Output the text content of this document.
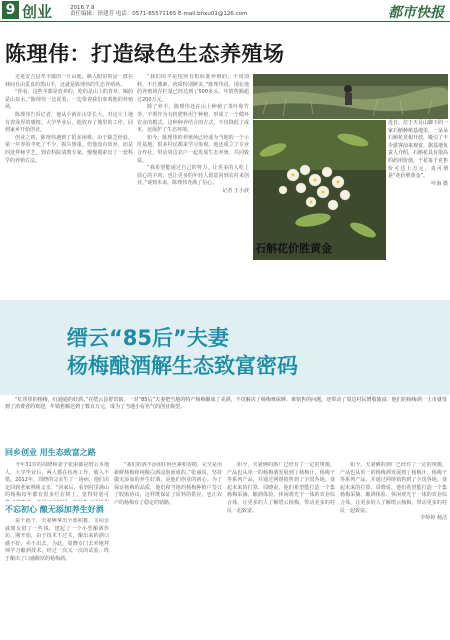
9 创业	2016.7.9
责任编辑：徐建芳 电话：0571-85571165 E-mail:bhxu01@126.com	都市快报
陈理伟：打造绿色生态养殖场

走进安吉县孝丰镇的一片山地，映入眼帘的是一群在林间自由觅食的黑山羊，这就是陈理伟的生态养殖场。

“你看，这些羊都是放养的，吃的是山上的青草，喝的是山泉水。”陈理伟一边说着，一边带着我们参观他的养殖场。

陈理伟告诉记者，他从小就在山里长大，对这片土地有着深厚的感情。大学毕业后，他放弃了城里的工作，回到家乡开始创业。

创业之初，陈理伟遇到了很多困难。由于缺乏经验，第一年养的羊死了不少，损失惨重。但他没有放弃，而是四处拜师学艺，到农科院请教专家，慢慢摸索出了一套科学的养殖方法。

“我们的羊是按照有机标准养殖的，不用饲料，不打激素，肉质特别鲜美。”陈理伟说，现在他的养殖场存栏量已经达到了500多头，年销售额超过200万元。

除了养羊，陈理伟还在山上种植了茶叶和竹笋，羊粪作为有机肥料用于种植，形成了一个循环农业的模式。这种种养结合的方式，不仅降低了成本，还保护了生态环境。

如今，陈理伟的养殖场已经成为当地的一个示范基地，很多村民都来学习参观。他还成立了专业合作社，带动周边农户一起发展生态养殖，共同致富。

“我希望能通过自己的努力，让更多的人吃上放心的羊肉，也让更多的年轻人愿意回到农村来创业。”谈到未来，陈理伟充满了信心。

记者 王小波

石斛花价胜黄金
近日，位于天目山脚下的一家石斛种植基地里，一朵朵石斛花竞相开放，吸引了不少游客前来观赏。据基地负责人介绍，石斛花具有很高的药用价值，干花每千克售价可达上万元，真可谓是“花价胜黄金”。
叶海 摄
缙云“85后”夫妻
杨梅酿酒解生态致富密码
“红彤彤的杨梅，红通通的好酒。”在缙云县舒洪镇，一对“85后”夫妻把当地的特产杨梅酿成了美酒，不仅解决了杨梅难保鲜、难销售的问题，还带动了周边村民增收致富。他们的杨梅酒一上市就受到了消费者的欢迎，年销售额达到了数百万元，成为了当地小有名气的创业典型。
回乡创业 用生态致富之路
不忘初心 酿无添加养生好酒

今年31岁的周晓和妻子张丽都是缙云本地人。大学毕业后，两人都在杭州工作，收入不错。2012年，周晓的父亲生了一场病，他们决定回到老家照顾父亲。“回家后，看到村里满山的杨梅每年都有很多烂在树上，觉得特别可

说干就干，夫妻俩拿出全部积蓄，又向亲戚朋友借了一些钱，建起了一个小型酿酒作坊。刚开始，由于技术不过关，酿出来的酒口感不好，卖不出去。为此，周晓专门去外地拜师学习酿酒技术，经过一次又一次的试验，终于酿出了口感醇厚的杨梅酒。

“我们的酒不添加任何色素和香精，完全是用新鲜杨梅和纯粮白酒浸泡而成的。”张丽说，坚持做无添加的养生好酒，是他们创业的初心。为了保证杨梅的品质，他们和当地的杨梅种植户签订了收购协议，这样既保证了原料的供应，也让农户的杨梅有了稳定的销路。

如今，夫妻俩的酒厂已经有了一定的规模，产品也从单一的杨梅酒发展到了杨梅汁、杨梅干等系列产品，并通过网络销售到了全国各地。谈起未来的打算，周晓说，他们希望能打造一个集杨梅采摘、酿酒体验、休闲观光于一体的农业综合体，让更多的人了解缙云杨梅，带动更多的村民一起致富。

如今，夫妻俩的酒厂已经有了一定的规模，产品也从单一的杨梅酒发展到了杨梅汁、杨梅干等系列产品，并通过网络销售到了全国各地。谈起未来的打算，周晓说，他们希望能打造一个集杨梅采摘、酿酒体验、休闲观光于一体的农业综合体，让更多的人了解缙云杨梅，带动更多的村民一起致富。

李婷婷 杨洁
